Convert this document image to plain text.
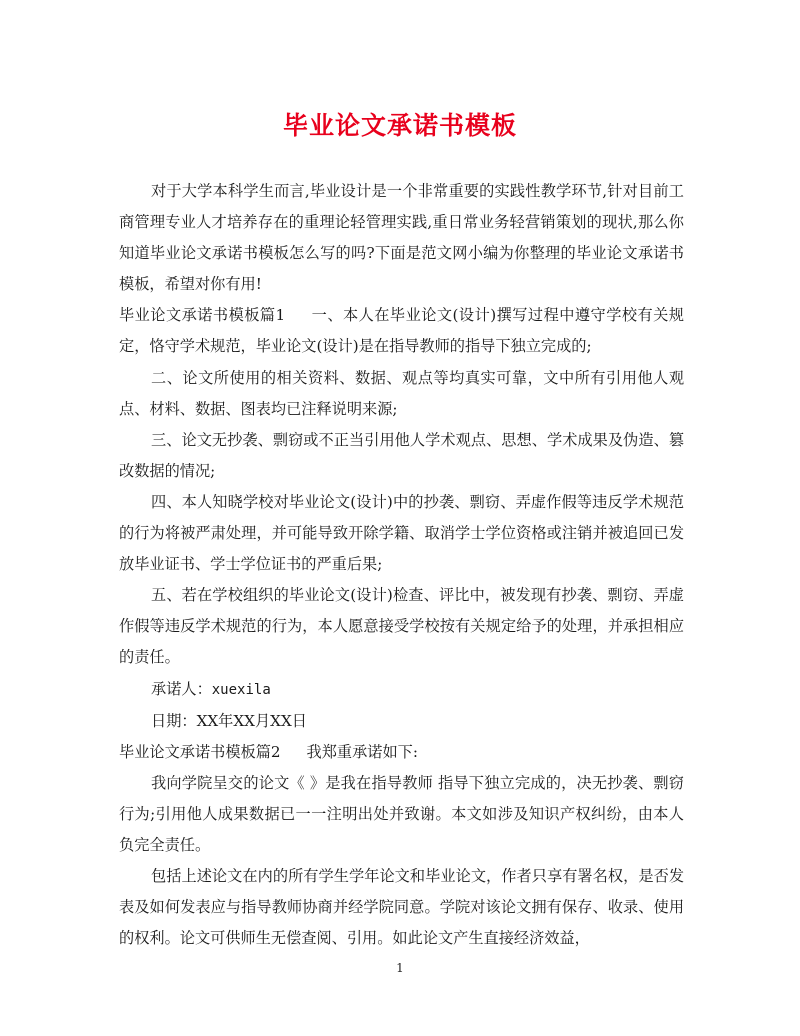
毕业论文承诺书模板

对于大学本科学生而言,毕业设计是一个非常重要的实践性教学环节,针对目前工商管理专业人才培养存在的重理论轻管理实践,重日常业务轻营销策划的现状,那么你知道毕业论文承诺书模板怎么写的吗?下面是范文网小编为你整理的毕业论文承诺书模板，希望对你有用!

毕业论文承诺书模板篇1 一、本人在毕业论文(设计)撰写过程中遵守学校有关规定，恪守学术规范，毕业论文(设计)是在指导教师的指导下独立完成的;

二、论文所使用的相关资料、数据、观点等均真实可靠，文中所有引用他人观点、材料、数据、图表均已注释说明来源;

三、论文无抄袭、剽窃或不正当引用他人学术观点、思想、学术成果及伪造、篡改数据的情况;

四、本人知晓学校对毕业论文(设计)中的抄袭、剽窃、弄虚作假等违反学术规范的行为将被严肃处理，并可能导致开除学籍、取消学士学位资格或注销并被追回已发放毕业证书、学士学位证书的严重后果;

五、若在学校组织的毕业论文(设计)检查、评比中，被发现有抄袭、剽窃、弄虚作假等违反学术规范的行为，本人愿意接受学校按有关规定给予的处理，并承担相应的责任。

承诺人：xuexila

日期：XX年XX月XX日

毕业论文承诺书模板篇2 我郑重承诺如下:

我向学院呈交的论文《 》是我在指导教师 指导下独立完成的，决无抄袭、剽窃行为;引用他人成果数据已一一注明出处并致谢。本文如涉及知识产权纠纷，由本人负完全责任。

包括上述论文在内的所有学生学年论文和毕业论文，作者只享有署名权，是否发表及如何发表应与指导教师协商并经学院同意。学院对该论文拥有保存、收录、使用的权利。论文可供师生无偿查阅、引用。如此论文产生直接经济效益，

1
